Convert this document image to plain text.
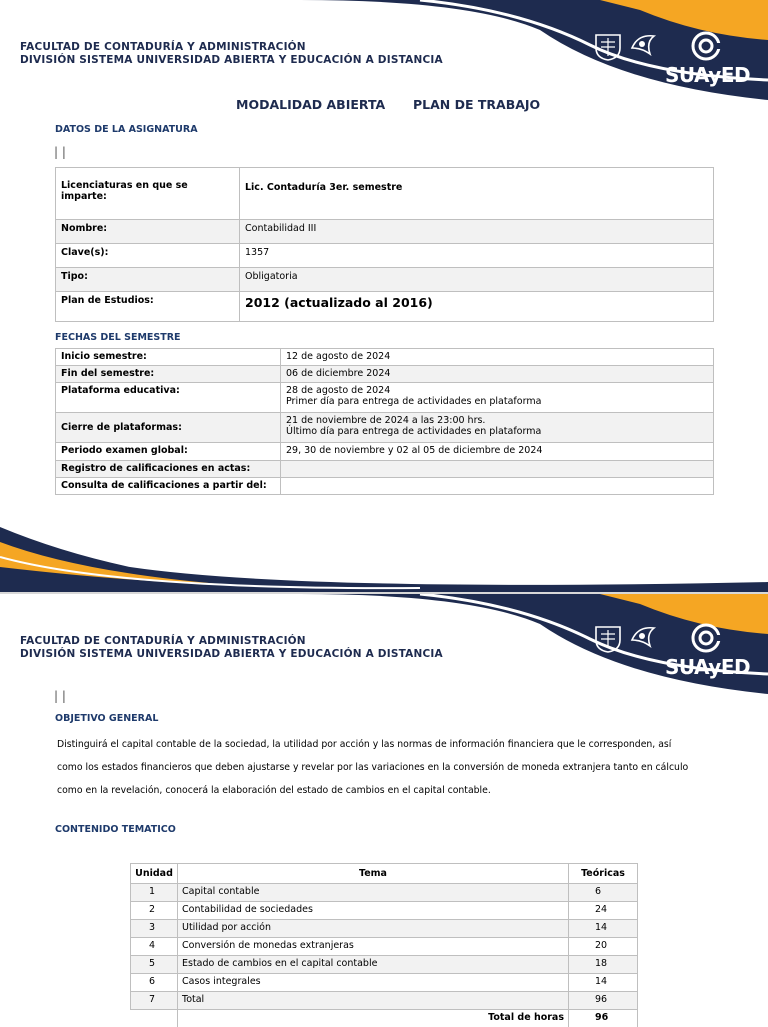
FACULTAD DE CONTADURÍA Y ADMINISTRACIÓN
DIVISIÓN SISTEMA UNIVERSIDAD ABIERTA Y EDUCACIÓN A DISTANCIA
SUAyED
MODALIDAD ABIERTA PLAN DE TRABAJO
DATOS DE LA ASIGNATURA
| |
Licenciaturas en que se imparte:	Lic. Contaduría 3er. semestre
Nombre:	Contabilidad III
Clave(s):	1357
Tipo:	Obligatoria
Plan de Estudios:	2012 (actualizado al 2016)
FECHAS DEL SEMESTRE
Inicio semestre:	12 de agosto de 2024
Fin del semestre:	06 de diciembre 2024
Plataforma educativa:	28 de agosto de 2024
Primer día para entrega de actividades en plataforma

Cierre de plataformas:	21 de noviembre de 2024 a las 23:00 hrs.
Último día para entrega de actividades en plataforma

Periodo examen global:	29, 30 de noviembre y 02 al 05 de diciembre de 2024
Registro de calificaciones en actas:	
Consulta de calificaciones a partir del:	
FACULTAD DE CONTADURÍA Y ADMINISTRACIÓN
DIVISIÓN SISTEMA UNIVERSIDAD ABIERTA Y EDUCACIÓN A DISTANCIA
SUAyED
| |
OBJETIVO GENERAL
Distinguirá el capital contable de la sociedad, la utilidad por acción y las normas de información financiera que le corresponden, así como los estados financieros que deben ajustarse y revelar por las variaciones en la conversión de moneda extranjera tanto en cálculo como en la revelación, conocerá la elaboración del estado de cambios en el capital contable.
CONTENIDO TEMATICO
Unidad	Tema	Teóricas
1	Capital contable	6
2	Contabilidad de sociedades	24
3	Utilidad por acción	14
4	Conversión de monedas extranjeras	20
5	Estado de cambios en el capital contable	18
6	Casos integrales	14
7	Total	96
	Total de horas	96
